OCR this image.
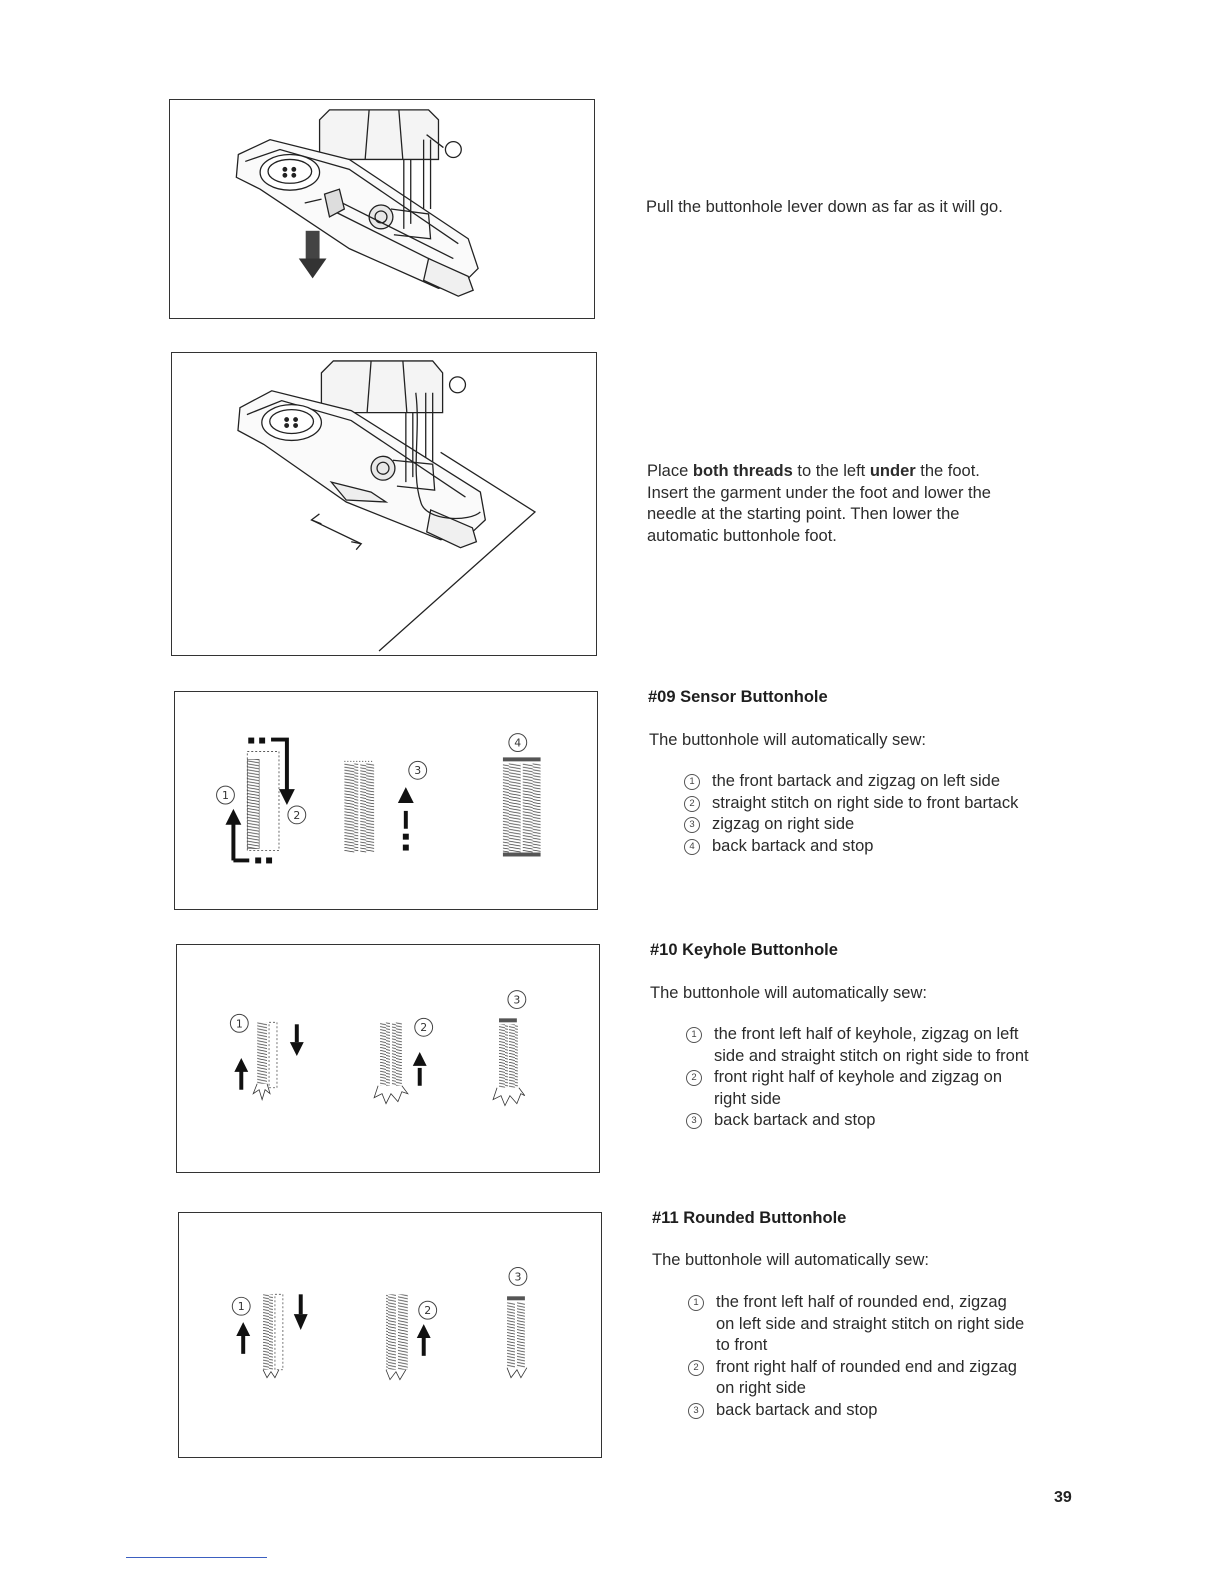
Pull the buttonhole lever down as far as it will go.
Place both threads to the left under the foot.
Insert the garment under the foot and lower the
needle at the starting point. Then lower the
automatic buttonhole foot.
1
2
3
4
#09 Sensor Buttonhole
The buttonhole will automatically sew:
1	the front bartack and zigzag on left side
2	straight stitch on right side to front bartack
3	zigzag on right side
4	back bartack and stop
1	2
3
#10 Keyhole Buttonhole
The buttonhole will automatically sew:
1	the front left half of keyhole, zigzag on left
side and straight stitch on right side to front
2	front right half of keyhole and zigzag on
right side
3	back bartack and stop
1	2
3
#11 Rounded Buttonhole
The buttonhole will automatically sew:
1	the front left half of rounded end, zigzag
on left side and straight stitch on right side
to front
2	front right half of rounded end and zigzag
on right side
3	back bartack and stop
39
